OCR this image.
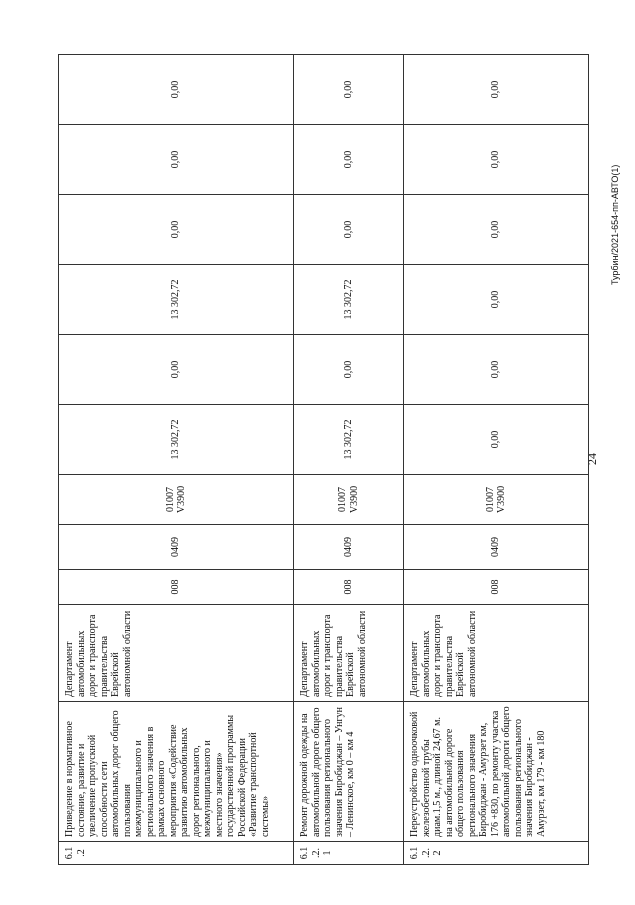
24
Турбин/2021-654-пп-АВТО(1)
6.1.2	Приведение в нормативное состояние, развитие и увеличение пропускной способности сети автомобильных дорог общего пользования межмуниципального и регионального значения в рамках основного мероприятия «Содействие развитию автомобильных дорог регионального, межмуниципального и местного значения» государственной программы Российской Федерации «Развитие транспортной системы»	Департамент автомобильных дорог и транспорта правительства Еврейской автономной области	008	0409	01007 V3900	13 302,72	0,00	13 302,72	0,00	0,00	0,00
6.1.2.1	Ремонт дорожной одежды на автомобильной дороге общего пользования регионального значения Биробиджан – Унгун – Ленинское, км 0 – км 4	Департамент автомобильных дорог и транспорта правительства Еврейской автономной области	008	0409	01007 V3900	13 302,72	0,00	13 302,72	0,00	0,00	0,00
6.1.2.2	Переустройство одноочковой железобетонной трубы диам.1,5 м., длиной 24,67 м. на автомобильной дороге общего пользования регионального значения Биробиджан - Амурзет км, 176 +830, по ремонту участка автомобильной дороги общего пользования регионального значения Биробиджан - Амурзет, км 179 - км 180	Департамент автомобильных дорог и транспорта правительства Еврейской автономной области	008	0409	01007 V3900	0,00	0,00	0,00	0,00	0,00	0,00
